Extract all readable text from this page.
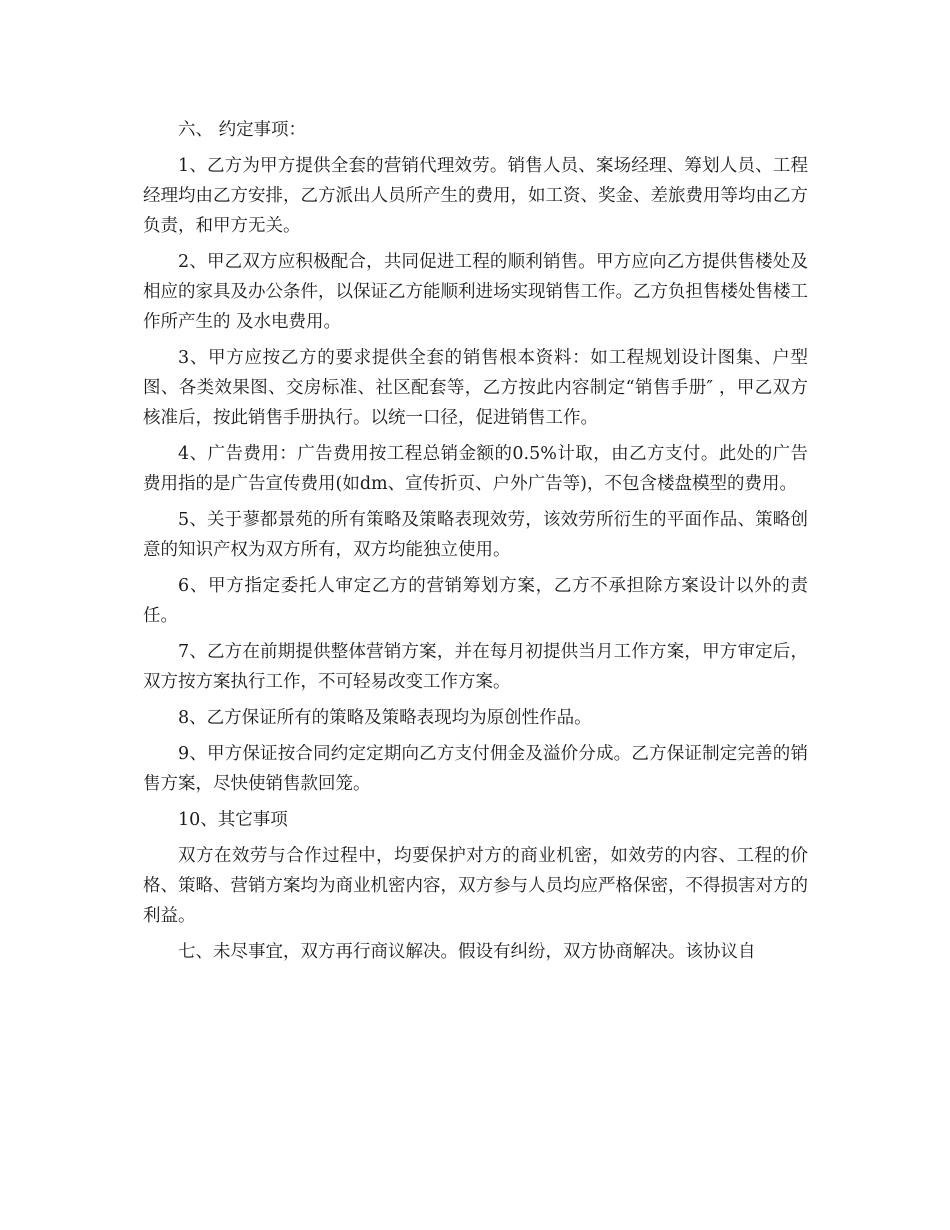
六、 约定事项：

1、乙方为甲方提供全套的营销代理效劳。销售人员、案场经理、筹划人员、工程经理均由乙方安排，乙方派出人员所产生的费用，如工资、奖金、差旅费用等均由乙方负责，和甲方无关。

2、甲乙双方应积极配合，共同促进工程的顺利销售。甲方应向乙方提供售楼处及相应的家具及办公条件，以保证乙方能顺利进场实现销售工作。乙方负担售楼处售楼工作所产生的 及水电费用。

3、甲方应按乙方的要求提供全套的销售根本资料：如工程规划设计图集、户型图、各类效果图、交房标准、社区配套等，乙方按此内容制定“销售手册″ ，甲乙双方核准后，按此销售手册执行。以统一口径，促进销售工作。

4、广告费用：广告费用按工程总销金额的0.5%计取，由乙方支付。此处的广告费用指的是广告宣传费用(如dm、宣传折页、户外广告等)，不包含楼盘模型的费用。

5、关于蓼都景苑的所有策略及策略表现效劳，该效劳所衍生的平面作品、策略创意的知识产权为双方所有，双方均能独立使用。

6、甲方指定委托人审定乙方的营销筹划方案，乙方不承担除方案设计以外的责任。

7、乙方在前期提供整体营销方案，并在每月初提供当月工作方案，甲方审定后，双方按方案执行工作，不可轻易改变工作方案。

8、乙方保证所有的策略及策略表现均为原创性作品。

9、甲方保证按合同约定定期向乙方支付佣金及溢价分成。乙方保证制定完善的销售方案，尽快使销售款回笼。

10、其它事项

双方在效劳与合作过程中，均要保护对方的商业机密，如效劳的内容、工程的价格、策略、营销方案均为商业机密内容，双方参与人员均应严格保密，不得损害对方的利益。

七、未尽事宜，双方再行商议解决。假设有纠纷，双方协商解决。该协议自
